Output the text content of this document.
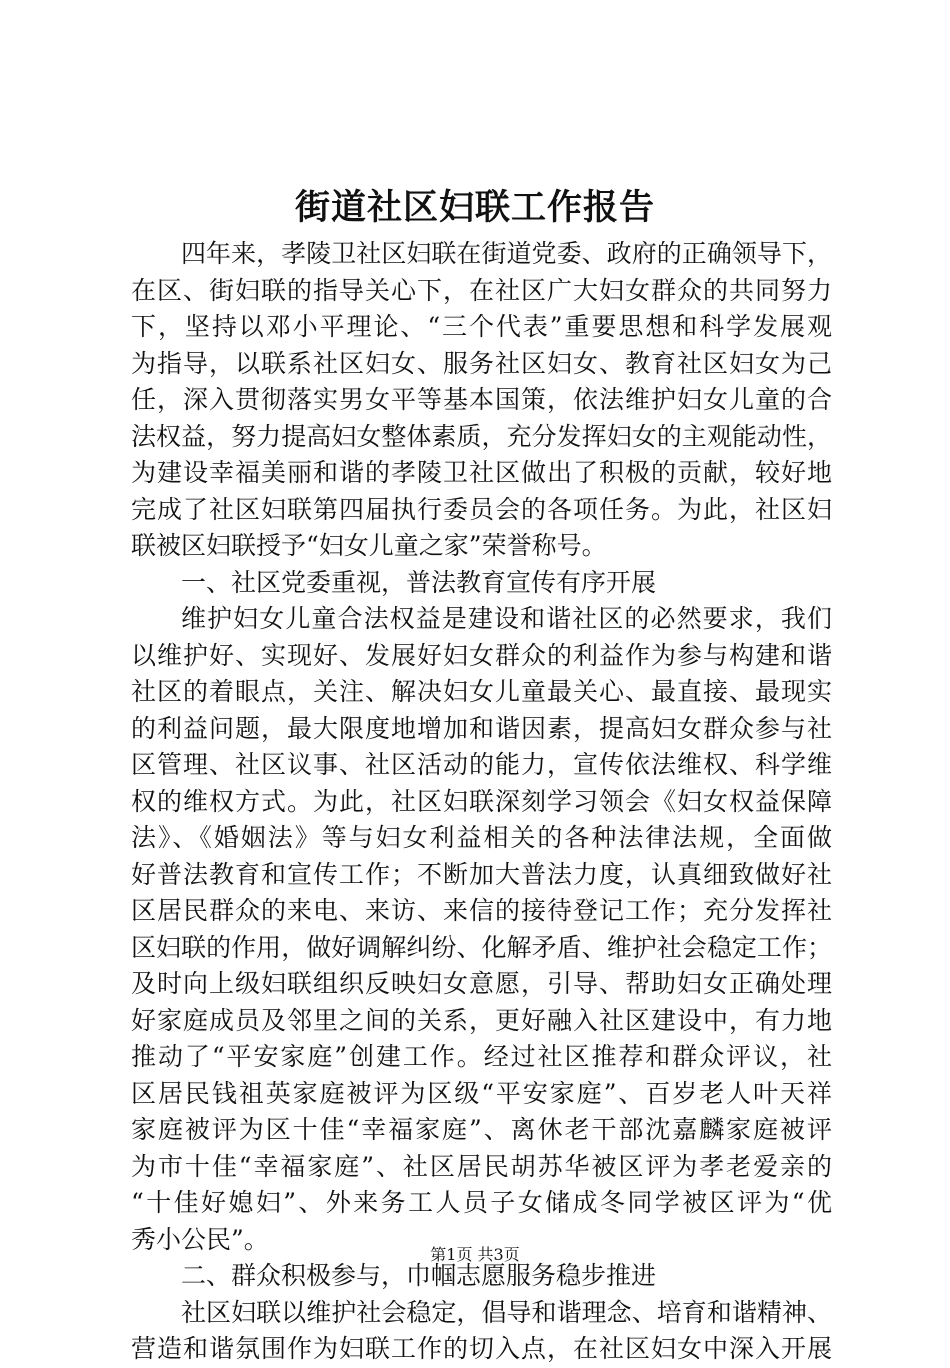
街道社区妇联工作报告
四年来，孝陵卫社区妇联在街道党委、政府的正确领导下，
在区、街妇联的指导关心下，在社区广大妇女群众的共同努力
下，坚持以邓小平理论、“三个代表”重要思想和科学发展观
为指导，以联系社区妇女、服务社区妇女、教育社区妇女为己
任，深入贯彻落实男女平等基本国策，依法维护妇女儿童的合
法权益，努力提高妇女整体素质，充分发挥妇女的主观能动性，
为建设幸福美丽和谐的孝陵卫社区做出了积极的贡献，较好地
完成了社区妇联第四届执行委员会的各项任务。为此，社区妇
联被区妇联授予“妇女儿童之家”荣誉称号。
一、社区党委重视，普法教育宣传有序开展
维护妇女儿童合法权益是建设和谐社区的必然要求，我们
以维护好、实现好、发展好妇女群众的利益作为参与构建和谐
社区的着眼点，关注、解决妇女儿童最关心、最直接、最现实
的利益问题，最大限度地增加和谐因素，提高妇女群众参与社
区管理、社区议事、社区活动的能力，宣传依法维权、科学维
权的维权方式。为此，社区妇联深刻学习领会《妇女权益保障
法》、《婚姻法》等与妇女利益相关的各种法律法规，全面做
好普法教育和宣传工作；不断加大普法力度，认真细致做好社
区居民群众的来电、来访、来信的接待登记工作；充分发挥社
区妇联的作用，做好调解纠纷、化解矛盾、维护社会稳定工作；
及时向上级妇联组织反映妇女意愿，引导、帮助妇女正确处理
好家庭成员及邻里之间的关系，更好融入社区建设中，有力地
推动了“平安家庭”创建工作。经过社区推荐和群众评议，社
区居民钱祖英家庭被评为区级“平安家庭”、百岁老人叶天祥
家庭被评为区十佳“幸福家庭”、离休老干部沈嘉麟家庭被评
为市十佳“幸福家庭”、社区居民胡苏华被区评为孝老爱亲的
“十佳好媳妇”、外来务工人员子女储成冬同学被区评为“优
秀小公民”。
二、群众积极参与，巾帼志愿服务稳步推进
社区妇联以维护社会稳定，倡导和谐理念、培育和谐精神、
营造和谐氛围作为妇联工作的切入点，在社区妇女中深入开展
第1页 共3页
